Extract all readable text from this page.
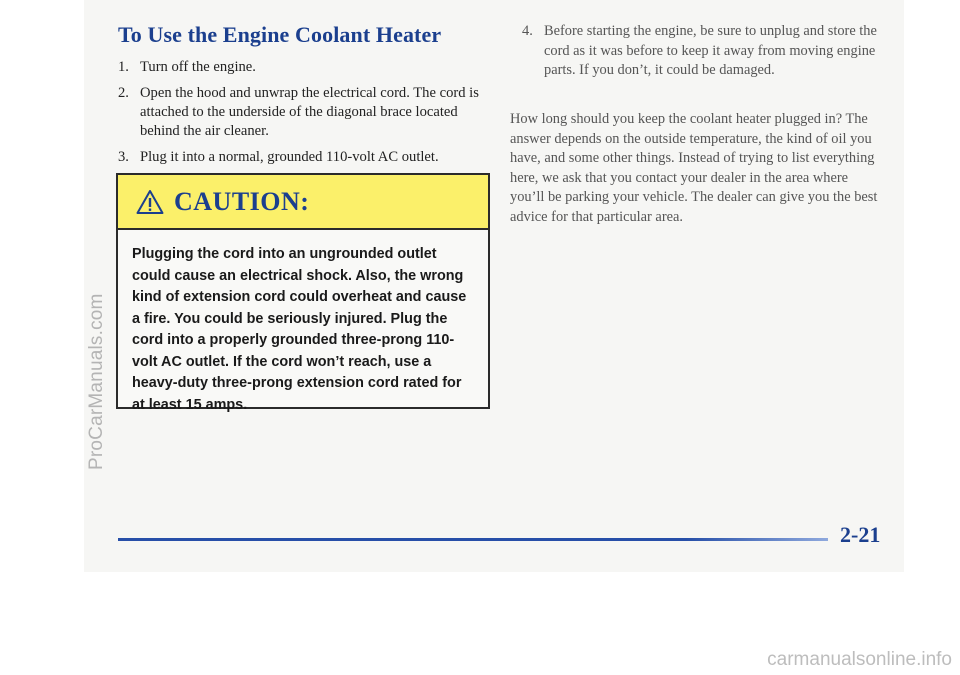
ProCarManuals.com
To Use the Engine Coolant Heater
1. Turn off the engine.
2. Open the hood and unwrap the electrical cord. The cord is attached to the underside of the diagonal brace located behind the air cleaner.
3. Plug it into a normal, grounded 110-volt AC outlet.
CAUTION:
Plugging the cord into an ungrounded outlet could cause an electrical shock. Also, the wrong kind of extension cord could overheat and cause a fire. You could be seriously injured. Plug the cord into a properly grounded three-prong 110-volt AC outlet. If the cord won’t reach, use a heavy-duty three-prong extension cord rated for at least 15 amps.
4. Before starting the engine, be sure to unplug and store the cord as it was before to keep it away from moving engine parts. If you don’t, it could be damaged.

How long should you keep the coolant heater plugged in? The answer depends on the outside temperature, the kind of oil you have, and some other things. Instead of trying to list everything here, we ask that you contact your dealer in the area where you’ll be parking your vehicle. The dealer can give you the best advice for that particular area.

2-21
carmanualsonline.info
